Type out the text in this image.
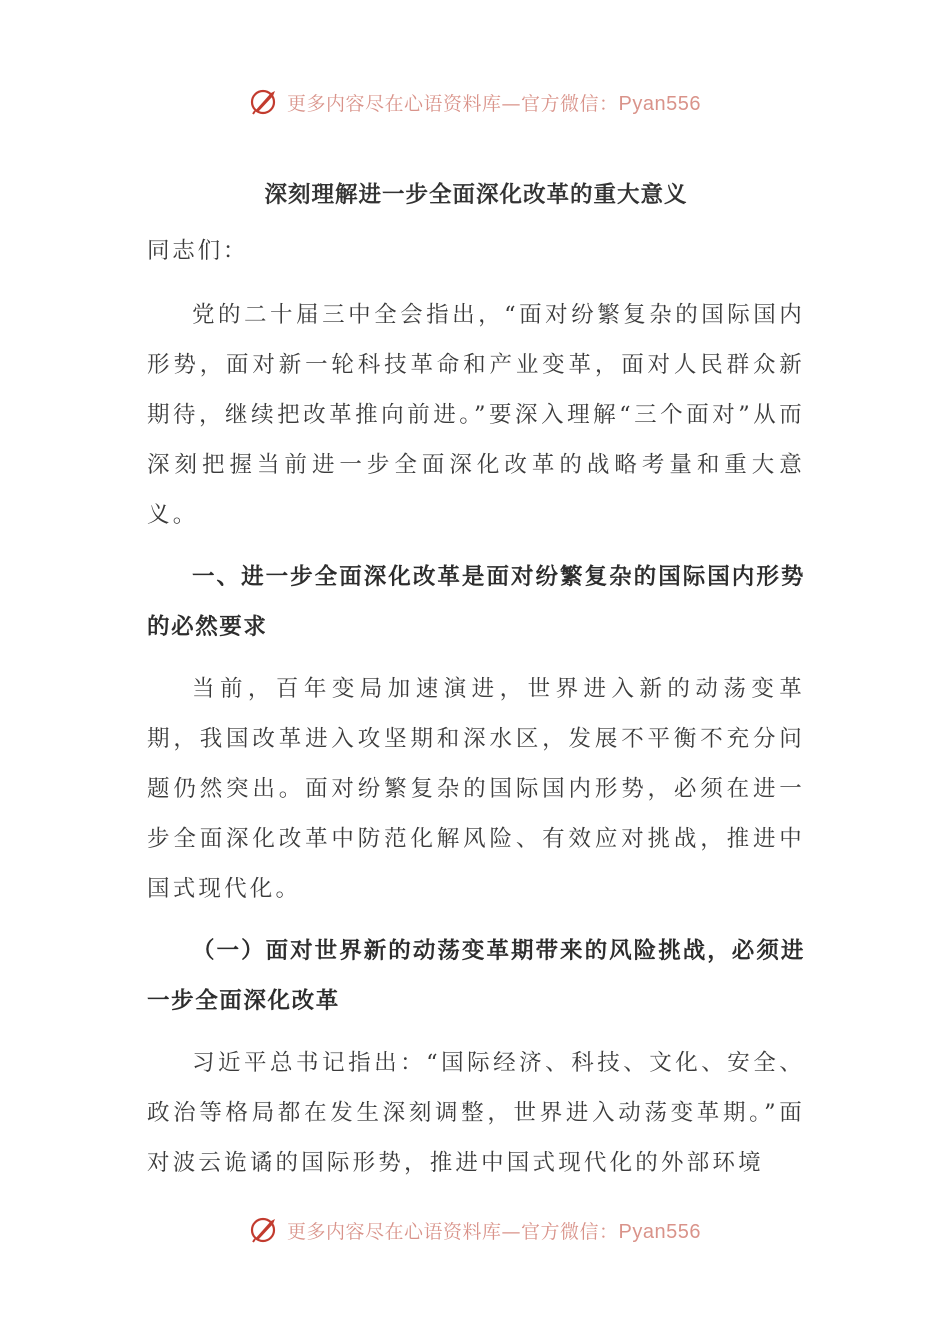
更多内容尽在心语资料库—官方微信：Pyan556
深刻理解进一步全面深化改革的重大意义
同志们：
党的二十届三中全会指出，“面对纷繁复杂的国际国内形势，面对新一轮科技革命和产业变革，面对人民群众新期待，继续把改革推向前进。”要深入理解“三个面对”从而深刻把握当前进一步全面深化改革的战略考量和重大意义。
一、进一步全面深化改革是面对纷繁复杂的国际国内形势的必然要求
当前，百年变局加速演进，世界进入新的动荡变革期，我国改革进入攻坚期和深水区，发展不平衡不充分问题仍然突出。面对纷繁复杂的国际国内形势，必须在进一步全面深化改革中防范化解风险、有效应对挑战，推进中国式现代化。
（一）面对世界新的动荡变革期带来的风险挑战，必须进一步全面深化改革
习近平总书记指出：“国际经济、科技、文化、安全、政治等格局都在发生深刻调整，世界进入动荡变革期。”面对波云诡谲的国际形势，推进中国式现代化的外部环境
更多内容尽在心语资料库—官方微信：Pyan556
